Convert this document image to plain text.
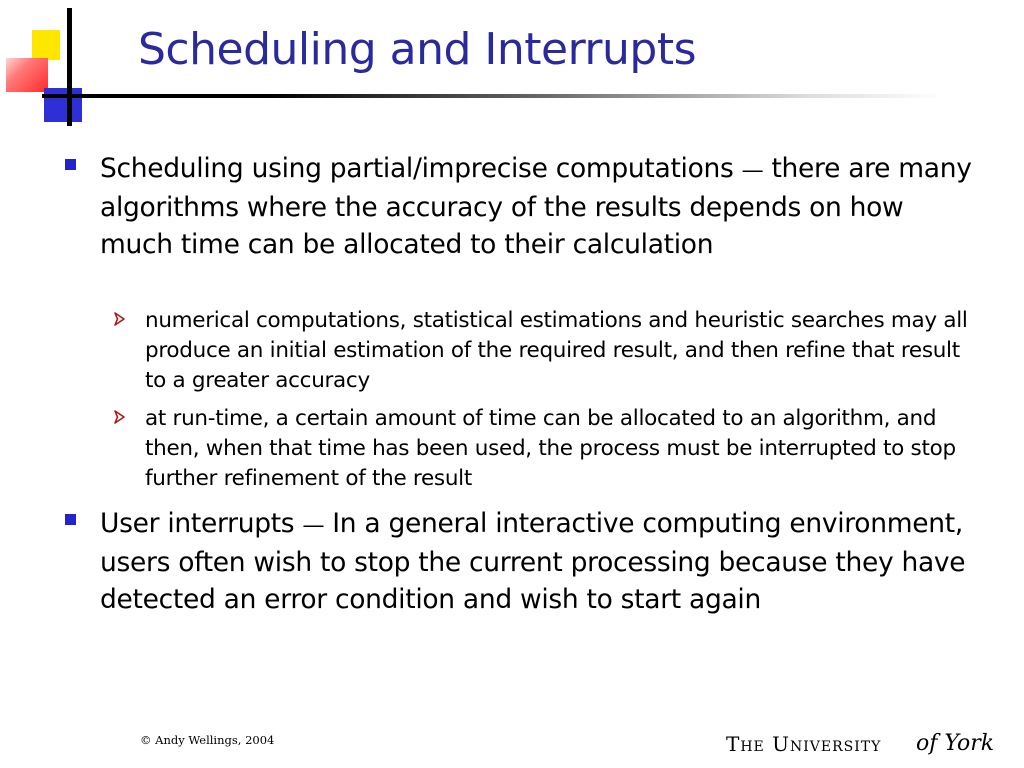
Scheduling and Interrupts
Scheduling using partial/imprecise computations — there are many algorithms where the accuracy of the results depends on how much time can be allocated to their calculation
numerical computations, statistical estimations and heuristic searches may all produce an initial estimation of the required result, and then refine that result to a greater accuracy
at run-time, a certain amount of time can be allocated to an algorithm, and then, when that time has been used, the process must be interrupted to stop further refinement of the result
User interrupts — In a general interactive computing environment, users often wish to stop the current processing because they have detected an error condition and wish to start again
© Andy Wellings, 2004	The University of York
